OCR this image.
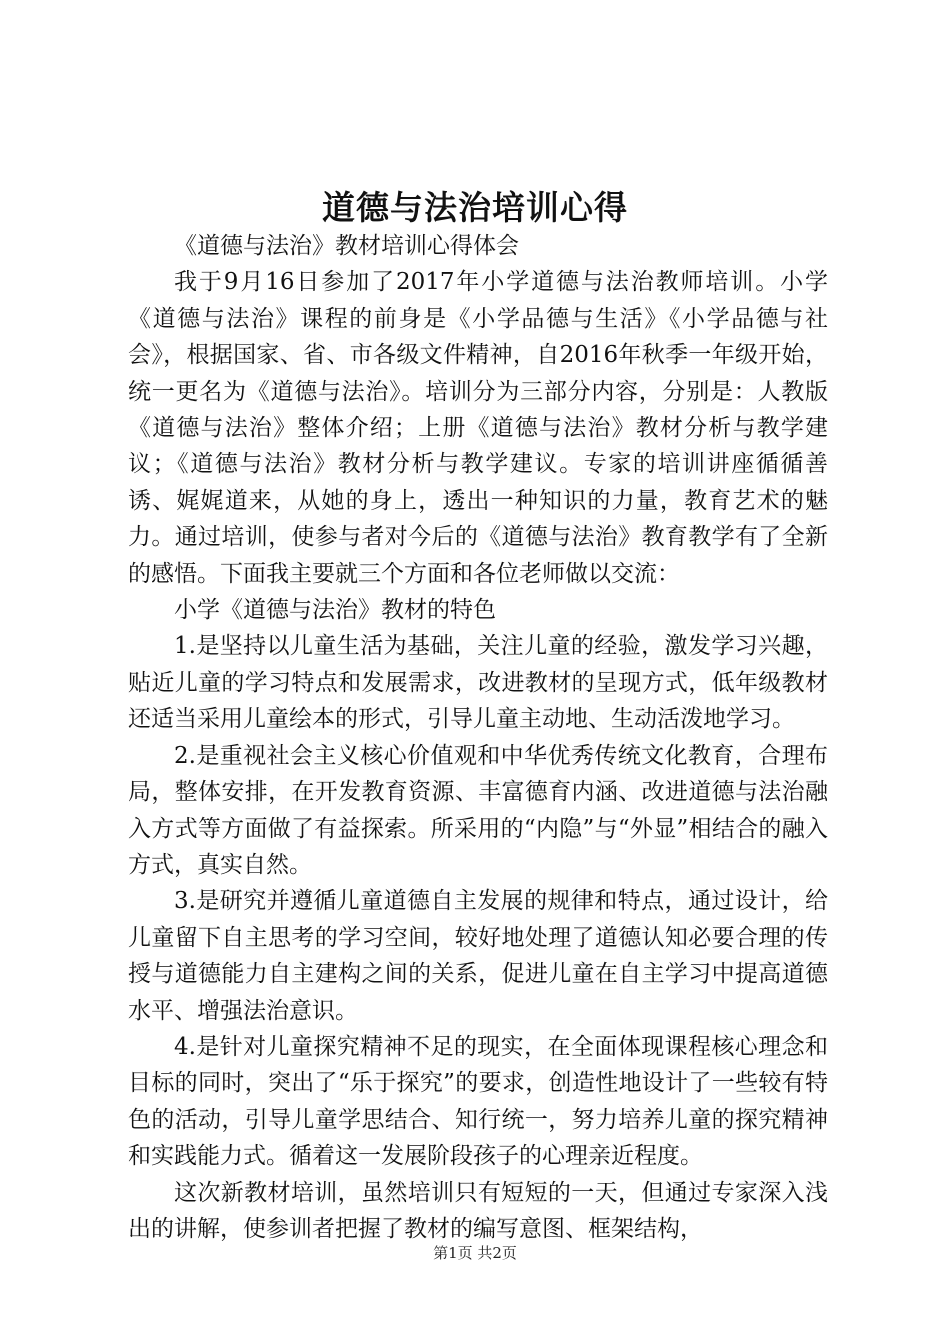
道德与法治培训心得

《道德与法治》教材培训心得体会

我于9月16日参加了2017年小学道德与法治教师培训。小学《道德与法治》课程的前身是《小学品德与生活》《小学品德与社会》，根据国家、省、市各级文件精神，自2016年秋季一年级开始，统一更名为《道德与法治》。培训分为三部分内容，分别是：人教版《道德与法治》整体介绍；上册《道德与法治》教材分析与教学建议；《道德与法治》教材分析与教学建议。专家的培训讲座循循善诱、娓娓道来，从她的身上，透出一种知识的力量，教育艺术的魅力。通过培训，使参与者对今后的《道德与法治》教育教学有了全新的感悟。下面我主要就三个方面和各位老师做以交流：

小学《道德与法治》教材的特色

1.是坚持以儿童生活为基础，关注儿童的经验，激发学习兴趣，贴近儿童的学习特点和发展需求，改进教材的呈现方式，低年级教材还适当采用儿童绘本的形式，引导儿童主动地、生动活泼地学习。

2.是重视社会主义核心价值观和中华优秀传统文化教育，合理布局，整体安排，在开发教育资源、丰富德育内涵、改进道德与法治融入方式等方面做了有益探索。所采用的“内隐”与“外显”相结合的融入方式，真实自然。

3.是研究并遵循儿童道德自主发展的规律和特点，通过设计，给儿童留下自主思考的学习空间，较好地处理了道德认知必要合理的传授与道德能力自主建构之间的关系，促进儿童在自主学习中提高道德水平、增强法治意识。

4.是针对儿童探究精神不足的现实，在全面体现课程核心理念和目标的同时，突出了“乐于探究”的要求，创造性地设计了一些较有特色的活动，引导儿童学思结合、知行统一，努力培养儿童的探究精神和实践能力式。循着这一发展阶段孩子的心理亲近程度。

这次新教材培训，虽然培训只有短短的一天，但通过专家深入浅出的讲解，使参训者把握了教材的编写意图、框架结构，

第1页 共2页
